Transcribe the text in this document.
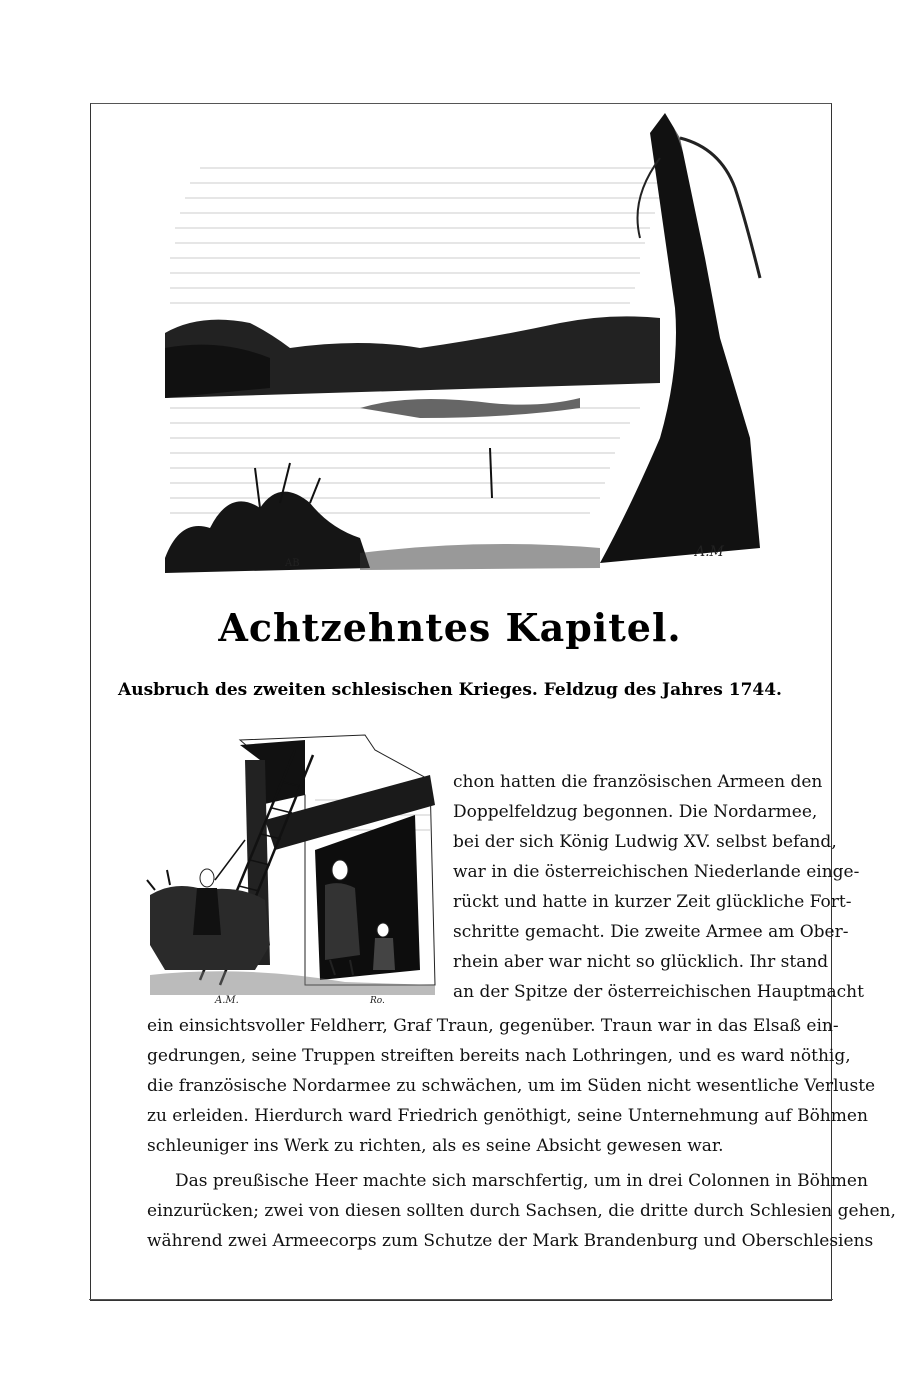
AB
A.M
Achtzehntes Kapitel.
Ausbruch des zweiten schlesischen Krieges. Feldzug des Jahres 1744.
A.M.	Ro.
chon hatten die französischen Armeen den
Doppelfeldzug begonnen. Die Nordarmee,
bei der sich König Ludwig XV. selbst befand,
war in die österreichischen Niederlande einge-
rückt und hatte in kurzer Zeit glückliche Fort-
schritte gemacht. Die zweite Armee am Ober-
rhein aber war nicht so glücklich. Ihr stand
an der Spitze der österreichischen Hauptmacht
ein einsichtsvoller Feldherr, Graf Traun, gegenüber. Traun war in das Elsaß ein-
gedrungen, seine Truppen streiften bereits nach Lothringen, und es ward nöthig,
die französische Nordarmee zu schwächen, um im Süden nicht wesentliche Verluste
zu erleiden. Hierdurch ward Friedrich genöthigt, seine Unternehmung auf Böhmen
schleuniger ins Werk zu richten, als es seine Absicht gewesen war.
Das preußische Heer machte sich marschfertig, um in drei Colonnen in Böhmen
einzurücken; zwei von diesen sollten durch Sachsen, die dritte durch Schlesien gehen,
während zwei Armeecorps zum Schutze der Mark Brandenburg und Oberschlesiens
